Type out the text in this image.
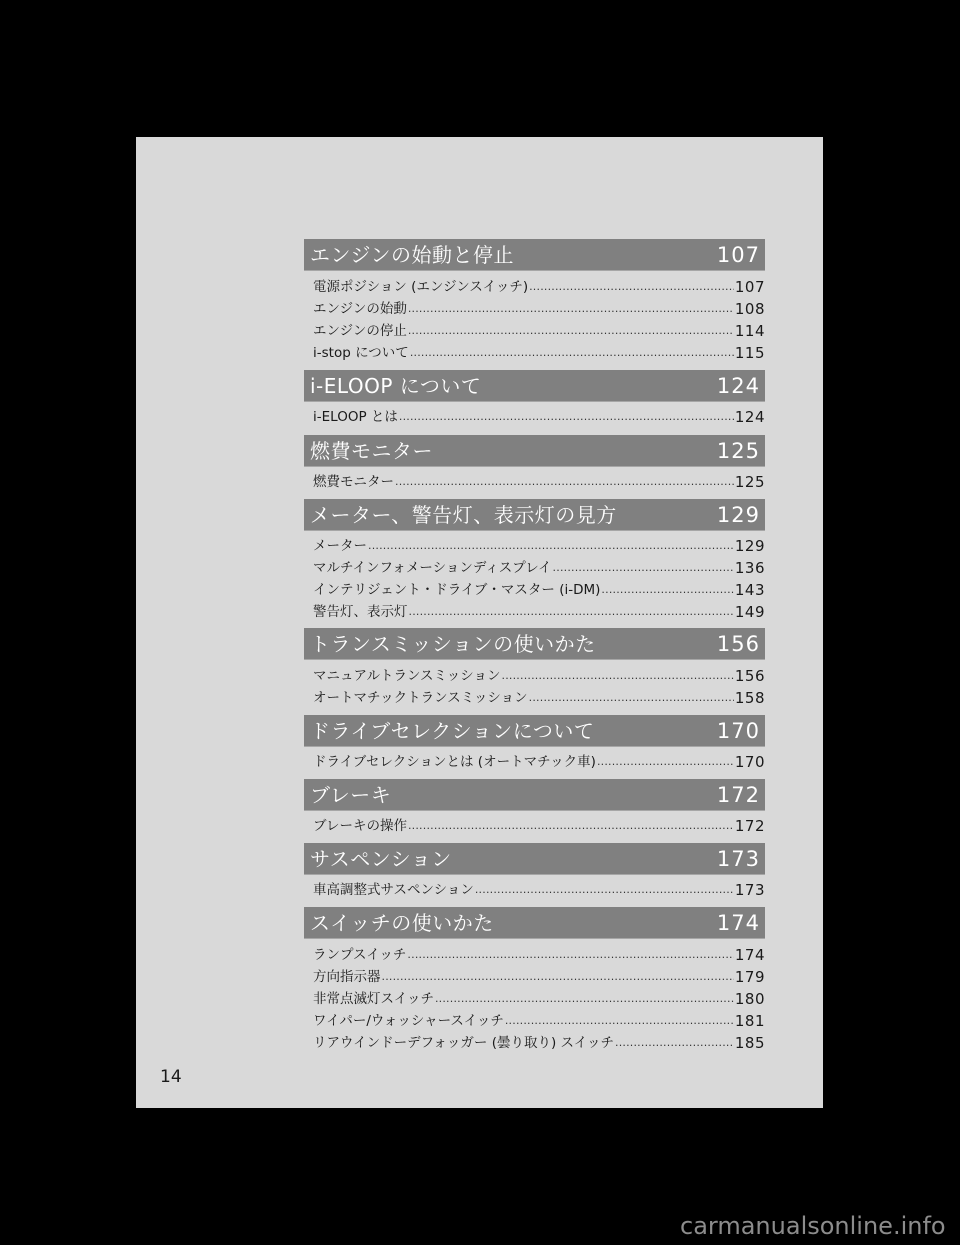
エンジンの始動と停止	107
電源ポジション (エンジンスイッチ) .....	107
エンジンの始動 .....	108
エンジンの停止 .....	114
i-stop について .....	115
i-ELOOP について	124
i-ELOOP とは .....	124
燃費モニター	125
燃費モニター .....	125
メーター、警告灯、表示灯の見方	129
メーター .....	129
マルチインフォメーションディスプレイ .....	136
インテリジェント・ドライブ・マスター (i-DM) .....	143
警告灯、表示灯 .....	149
トランスミッションの使いかた	156
マニュアルトランスミッション .....	156
オートマチックトランスミッション .....	158
ドライブセレクションについて	170
ドライブセレクションとは (オートマチック車) .....	170
ブレーキ	172
ブレーキの操作 .....	172
サスペンション	173
車高調整式サスペンション .....	173
スイッチの使いかた	174
ランプスイッチ .....	174
方向指示器 .....	179
非常点滅灯スイッチ .....	180
ワイパー/ウォッシャースイッチ .....	181
リアウインドーデフォッガー (曇り取り) スイッチ .....	185
14
carmanualsonline.info
